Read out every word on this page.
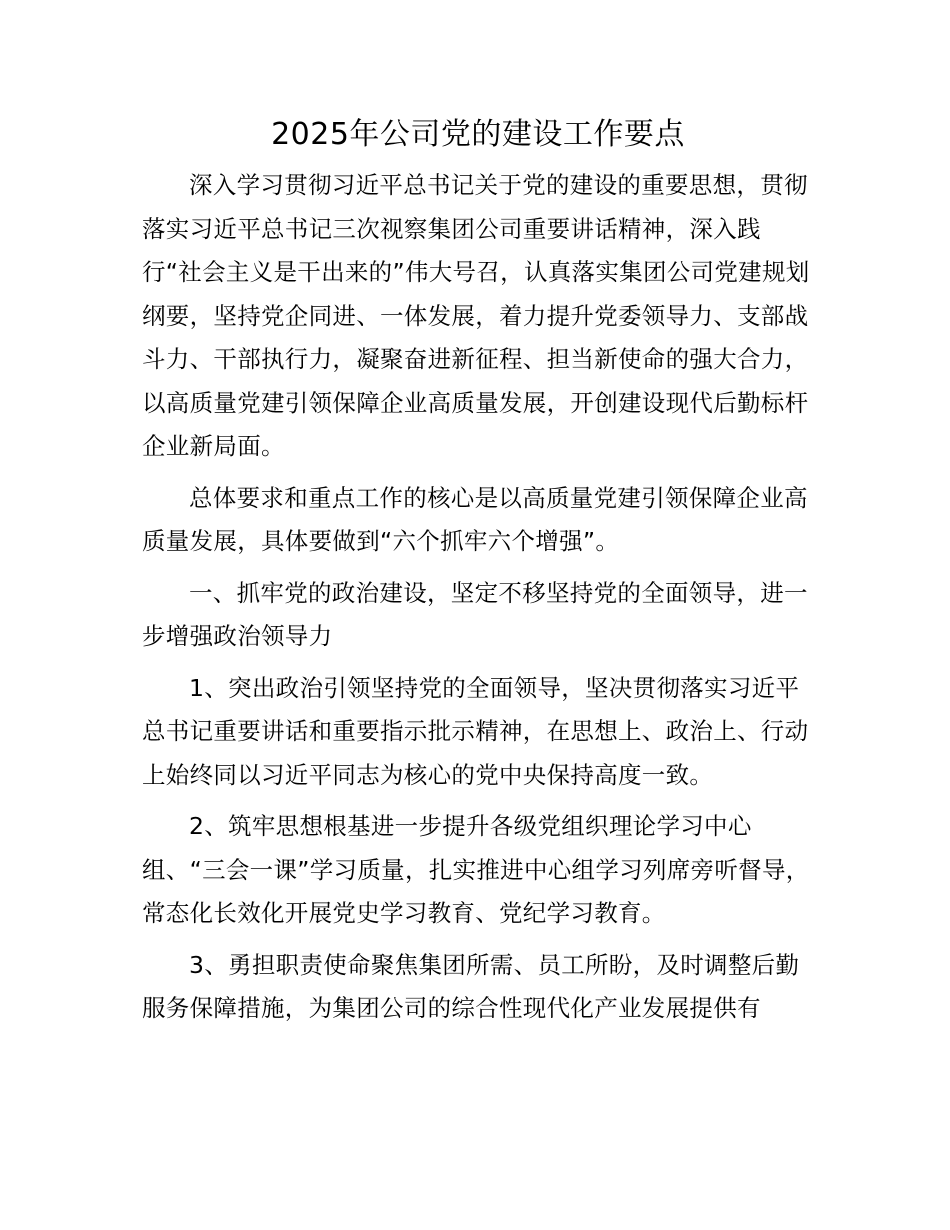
2025年公司党的建设工作要点

深入学习贯彻习近平总书记关于党的建设的重要思想，贯彻落实习近平总书记三次视察集团公司重要讲话精神，深入践行“社会主义是干出来的”伟大号召，认真落实集团公司党建规划纲要，坚持党企同进、一体发展，着力提升党委领导力、支部战斗力、干部执行力，凝聚奋进新征程、担当新使命的强大合力，以高质量党建引领保障企业高质量发展，开创建设现代后勤标杆企业新局面。

总体要求和重点工作的核心是以高质量党建引领保障企业高质量发展，具体要做到“六个抓牢六个增强”。

一、抓牢党的政治建设，坚定不移坚持党的全面领导，进一步增强政治领导力

1、突出政治引领坚持党的全面领导，坚决贯彻落实习近平总书记重要讲话和重要指示批示精神，在思想上、政治上、行动上始终同以习近平同志为核心的党中央保持高度一致。

2、筑牢思想根基进一步提升各级党组织理论学习中心组、“三会一课”学习质量，扎实推进中心组学习列席旁听督导，常态化长效化开展党史学习教育、党纪学习教育。

3、勇担职责使命聚焦集团所需、员工所盼，及时调整后勤服务保障措施，为集团公司的综合性现代化产业发展提供有
